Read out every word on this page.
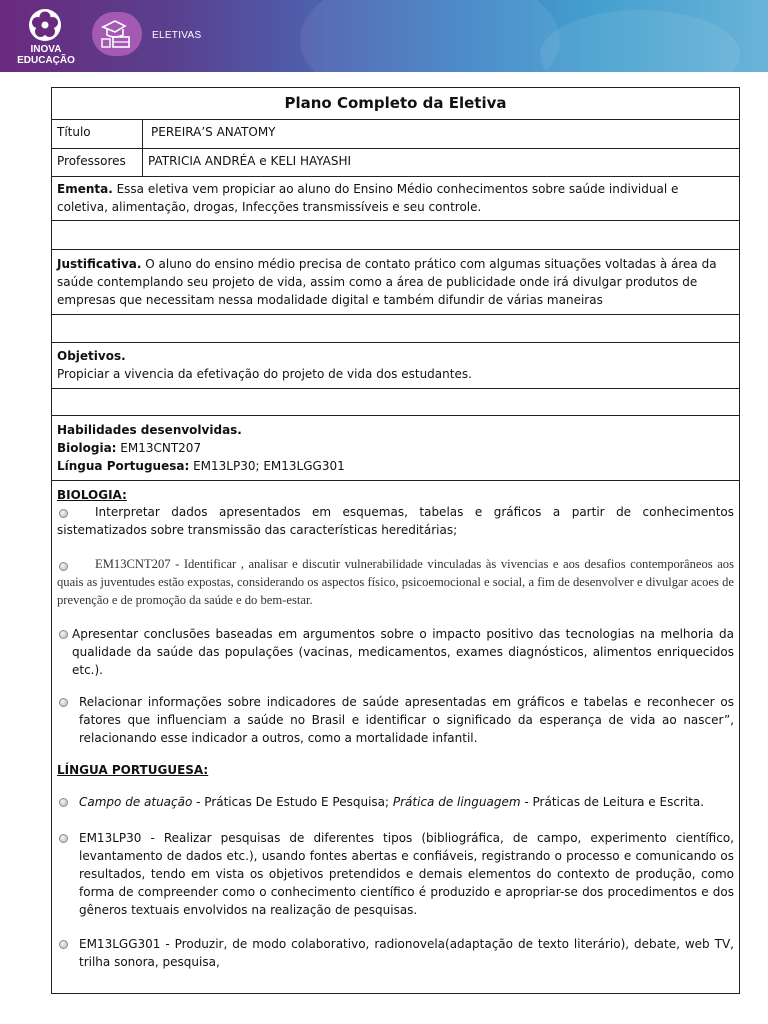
INOVA
EDUCAÇÃO
ELETIVAS
Plano Completo da Eletiva
Título	PEREIRA’S ANATOMY
Professores	PATRICIA ANDRÉA e KELI HAYASHI
Ementa. Essa eletiva vem propiciar ao aluno do Ensino Médio conhecimentos sobre saúde individual e coletiva, alimentação, drogas, Infecções transmissíveis e seu controle.
Justificativa. O aluno do ensino médio precisa de contato prático com algumas situações voltadas à área da saúde contemplando seu projeto de vida, assim como a área de publicidade onde irá divulgar produtos de empresas que necessitam nessa modalidade digital e também difundir de várias maneiras
Objetivos.
Propiciar a vivencia da efetivação do projeto de vida dos estudantes.
Habilidades desenvolvidas.
Biologia: EM13CNT207
Língua Portuguesa: EM13LP30; EM13LGG301
BIOLOGIA:
Interpretar dados apresentados em esquemas, tabelas e gráficos a partir de conhecimentos sistematizados sobre transmissão das características hereditárias;
EM13CNT207 - Identificar , analisar e discutir vulnerabilidade vinculadas às vivencias e aos desafios contemporâneos aos quais as juventudes estão expostas, considerando os aspectos físico, psicoemocional e social, a fim de desenvolver e divulgar acoes de prevenção e de promoção da saúde e do bem-estar.
Apresentar conclusões baseadas em argumentos sobre o impacto positivo das tecnologias na melhoria da qualidade da saúde das populações (vacinas, medicamentos, exames diagnósticos, alimentos enriquecidos etc.).
Relacionar informações sobre indicadores de saúde apresentadas em gráficos e tabelas e reconhecer os fatores que influenciam a saúde no Brasil e identificar o significado da esperança de vida ao nascer”, relacionando esse indicador a outros, como a mortalidade infantil.
LÍNGUA PORTUGUESA:
Campo de atuação - Práticas De Estudo E Pesquisa; Prática de linguagem - Práticas de Leitura e Escrita.
EM13LP30 - Realizar pesquisas de diferentes tipos (bibliográfica, de campo, experimento científico, levantamento de dados etc.), usando fontes abertas e confiáveis, registrando o processo e comunicando os resultados, tendo em vista os objetivos pretendidos e demais elementos do contexto de produção, como forma de compreender como o conhecimento científico é produzido e apropriar-se dos procedimentos e dos gêneros textuais envolvidos na realização de pesquisas.
EM13LGG301 - Produzir, de modo colaborativo, radionovela(adaptação de texto literário), debate, web TV, trilha sonora, pesquisa,
